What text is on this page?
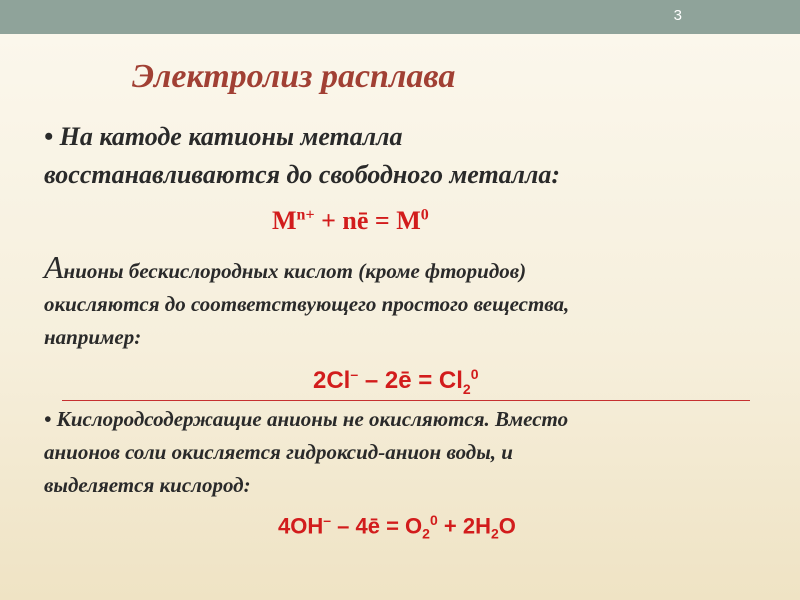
3
Электролиз расплава
• На катоде катионы металла
восстанавливаются до свободного металла:
$M^{n+}$ + nē = $M^0$
Анионы бескислородных кислот (кроме фторидов)
окисляются до соответствующего простого вещества,
например:
2Cl– – 2ē = $Cl_2^0$
• Кислородсодержащие анионы не окисляются. Вместо
анионов соли окисляется гидроксид-анион воды, и
выделяется кислород:
4OH– – 4ē = $O_2^0 + 2H_2O$
